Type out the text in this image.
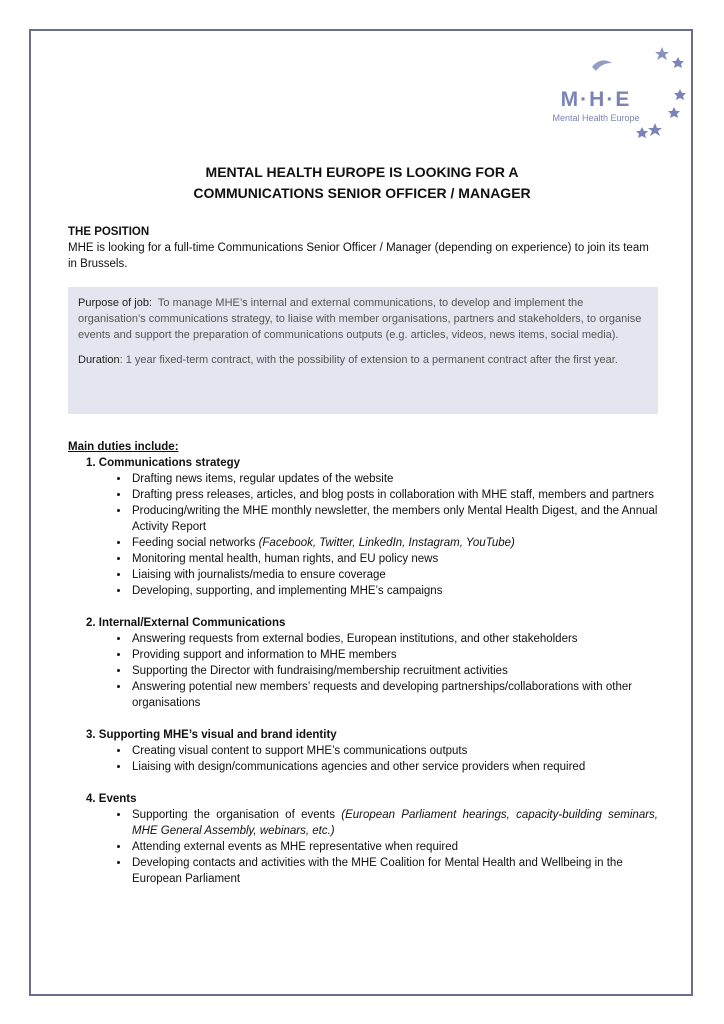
M·H·E
Mental Health Europe
MENTAL HEALTH EUROPE IS LOOKING FOR A
COMMUNICATIONS SENIOR OFFICER / MANAGER
THE POSITION
MHE is looking for a full-time Communications Senior Officer / Manager (depending on experience) to join its team in Brussels.

Purpose of job: To manage MHE’s internal and external communications, to develop and implement the organisation’s communications strategy, to liaise with member organisations, partners and stakeholders, to organise events and support the preparation of communications outputs (e.g. articles, videos, news items, social media).

Duration: 1 year fixed-term contract, with the possibility of extension to a permanent contract after the first year.

Main duties include:
1. Communications strategy
• Drafting news items, regular updates of the website
• Drafting press releases, articles, and blog posts in collaboration with MHE staff, members and partners
• Producing/writing the MHE monthly newsletter, the members only Mental Health Digest, and the Annual Activity Report
• Feeding social networks (Facebook, Twitter, LinkedIn, Instagram, YouTube)
• Monitoring mental health, human rights, and EU policy news
• Liaising with journalists/media to ensure coverage
• Developing, supporting, and implementing MHE’s campaigns
2. Internal/External Communications
• Answering requests from external bodies, European institutions, and other stakeholders
• Providing support and information to MHE members
• Supporting the Director with fundraising/membership recruitment activities
• Answering potential new members’ requests and developing partnerships/collaborations with other organisations
3. Supporting MHE’s visual and brand identity
• Creating visual content to support MHE’s communications outputs
• Liaising with design/communications agencies and other service providers when required
4. Events
• Supporting the organisation of events (European Parliament hearings, capacity-building seminars, MHE General Assembly, webinars, etc.)
• Attending external events as MHE representative when required
• Developing contacts and activities with the MHE Coalition for Mental Health and Wellbeing in the European Parliament
